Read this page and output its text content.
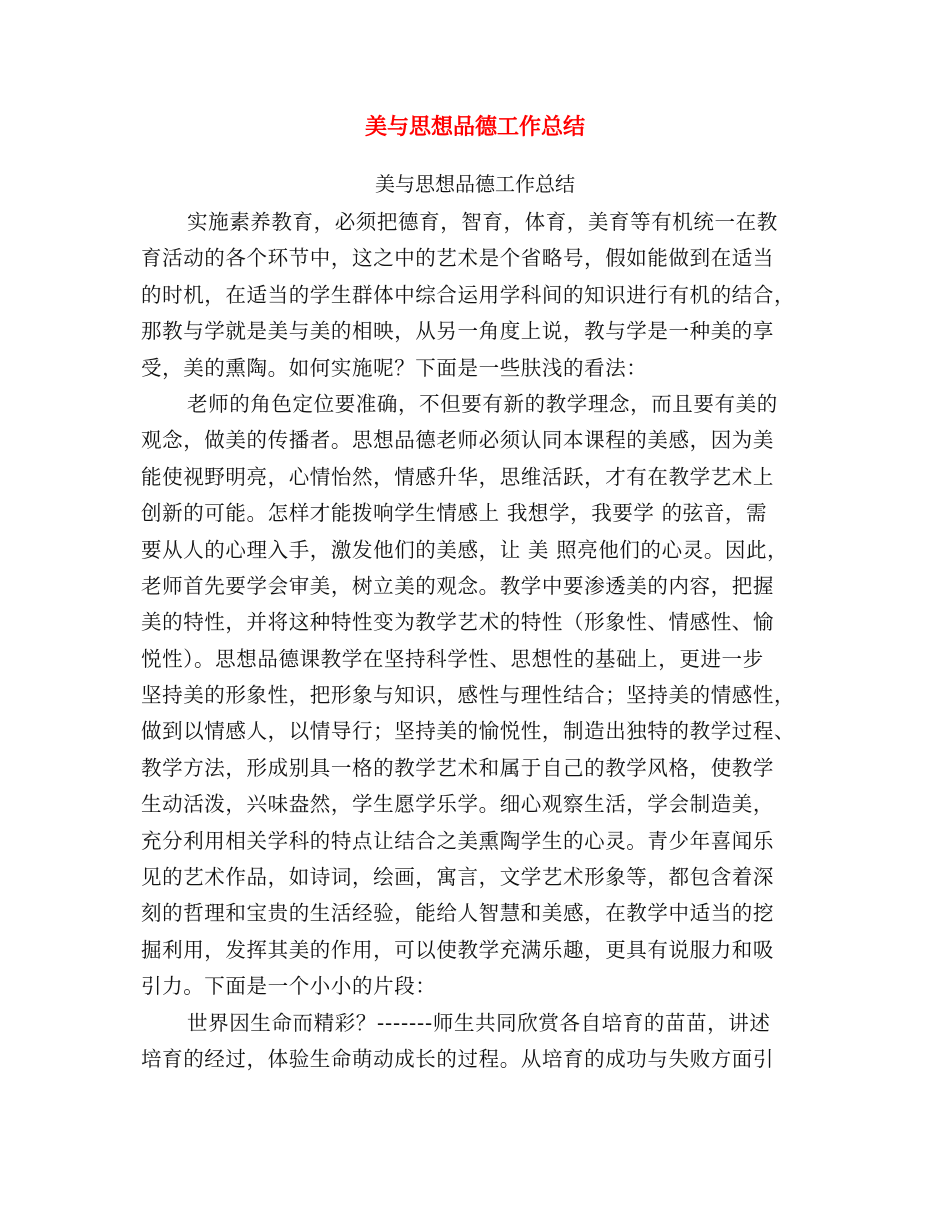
美与思想品德工作总结

美与思想品德工作总结

实施素养教育，必须把德育，智育，体育，美育等有机统一在教
育活动的各个环节中，这之中的艺术是个省略号，假如能做到在适当
的时机，在适当的学生群体中综合运用学科间的知识进行有机的结合，
那教与学就是美与美的相映，从另一角度上说，教与学是一种美的享
受，美的熏陶。如何实施呢？下面是一些肤浅的看法：
老师的角色定位要准确，不但要有新的教学理念，而且要有美的
观念，做美的传播者。思想品德老师必须认同本课程的美感，因为美
能使视野明亮，心情怡然，情感升华，思维活跃，才有在教学艺术上
创新的可能。怎样才能拨响学生情感上 我想学，我要学 的弦音，需
要从人的心理入手，激发他们的美感，让 美 照亮他们的心灵。因此，
老师首先要学会审美，树立美的观念。教学中要渗透美的内容，把握
美的特性，并将这种特性变为教学艺术的特性（形象性、情感性、愉
悦性）。思想品德课教学在坚持科学性、思想性的基础上，更进一步
坚持美的形象性，把形象与知识，感性与理性结合；坚持美的情感性，
做到以情感人，以情导行；坚持美的愉悦性，制造出独特的教学过程、
教学方法，形成别具一格的教学艺术和属于自己的教学风格，使教学
生动活泼，兴味盎然，学生愿学乐学。细心观察生活，学会制造美，
充分利用相关学科的特点让结合之美熏陶学生的心灵。青少年喜闻乐
见的艺术作品，如诗词，绘画，寓言，文学艺术形象等，都包含着深
刻的哲理和宝贵的生活经验，能给人智慧和美感，在教学中适当的挖
掘利用，发挥其美的作用，可以使教学充满乐趣，更具有说服力和吸
引力。下面是一个小小的片段：
世界因生命而精彩？-------师生共同欣赏各自培育的苗苗，讲述
培育的经过，体验生命萌动成长的过程。从培育的成功与失败方面引
